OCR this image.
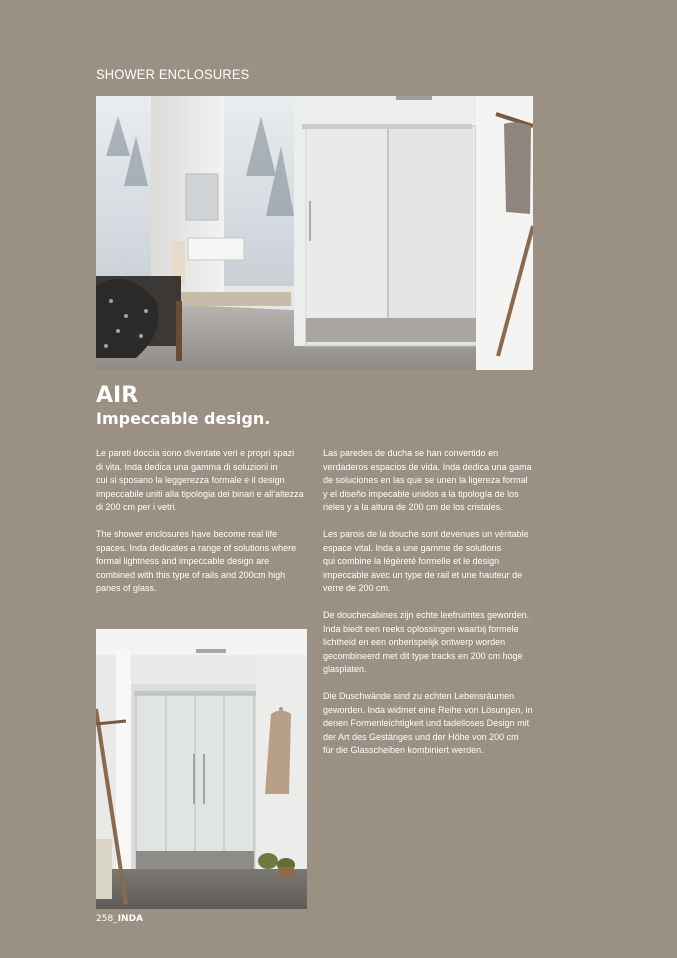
SHOWER ENCLOSURES
AIR
Impeccable design.

Le pareti doccia sono diventate veri e propri spazi
di vita. Inda dedica una gamma di soluzioni in
cui si sposano la leggerezza formale e il design
impeccabile uniti alla tipologia dei binari e all’altezza
di 200 cm per i vetri.

The shower enclosures have become real life
spaces. Inda dedicates a range of solutions where
formal lightness and impeccable design are
combined with this type of rails and 200cm high
panes of glass.

Las paredes de ducha se han convertido en
verdaderos espacios de vida. Inda dedica una gama
de soluciones en las que se unen la ligereza formal
y el diseño impecable unidos a la tipología de los
rieles y a la altura de 200 cm de los cristales.

Les parois de la douche sont devenues un véritable
espace vital. Inda a une gamme de solutions
qui combine la légèreté formelle et le design
impeccable avec un type de rail et une hauteur de
verre de 200 cm.

De douchecabines zijn echte leefruimtes geworden.
Inda biedt een reeks oplossingen waarbij formele
lichtheid en een onberispelijk ontwerp worden
gecombineerd met dit type tracks en 200 cm hoge
glasplaten.

Die Duschwände sind zu echten Lebensräumen
geworden. Inda widmet eine Reihe von Lösungen, in
denen Formenleichtigkeit und tadelloses Design mit
der Art des Gestänges und der Höhe von 200 cm
für die Glasscheiben kombiniert werden.

258_INDA
